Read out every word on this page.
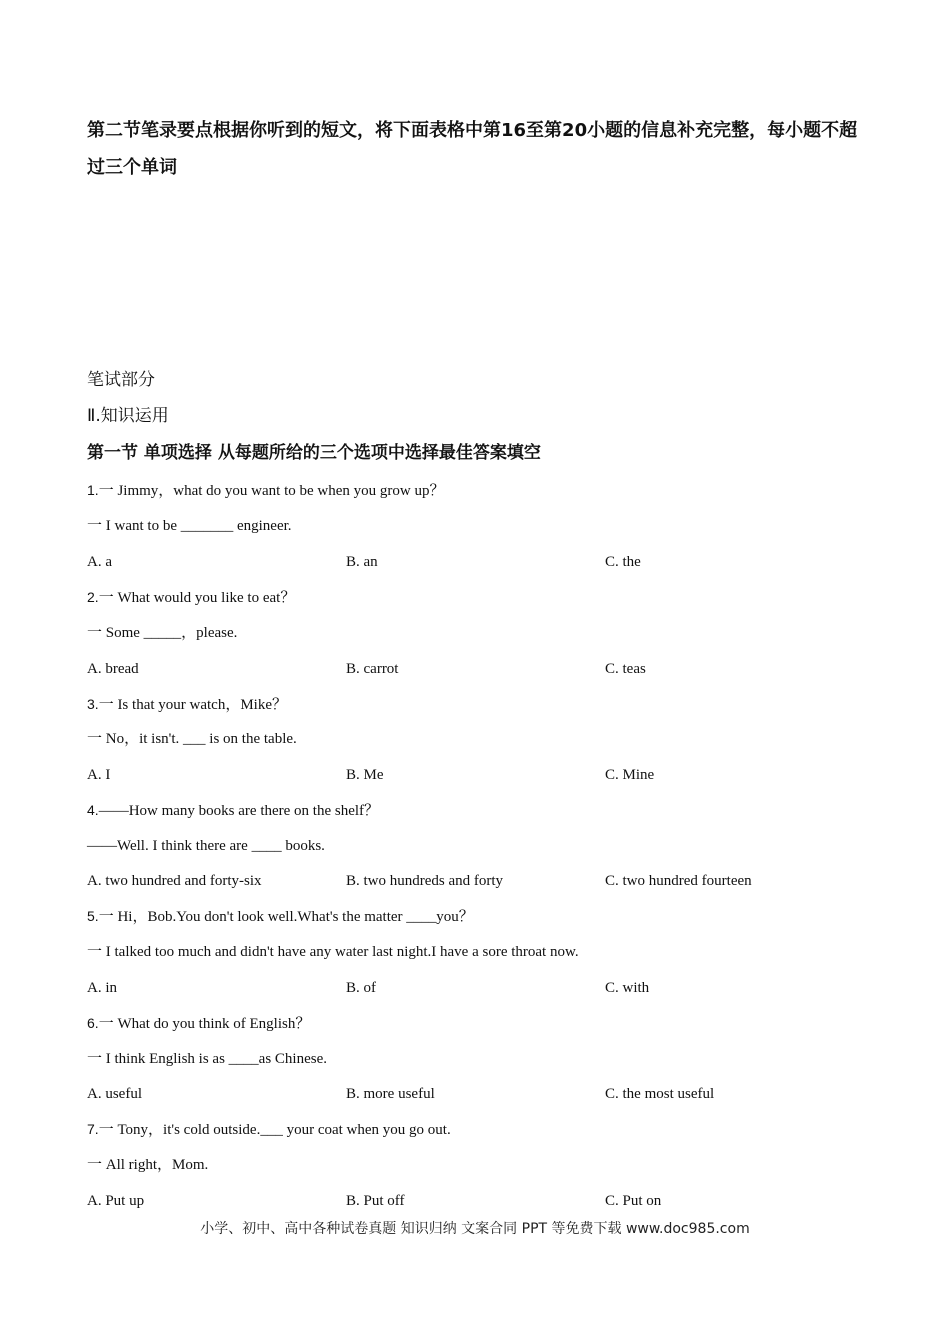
第二节笔录要点根据你听到的短文，将下面表格中第16至第20小题的信息补充完整，每小题不超过三个单词

笔试部分

Ⅱ.知识运用

第一节 单项选择 从每题所给的三个选项中选择最佳答案填空

1.一 Jimmy，what do you want to be when you grow up？

一 I want to be _______ engineer.

A. a	B. an	C. the

2.一 What would you like to eat？

一 Some _____，please.

A. bread	B. carrot	C. teas

3.一 Is that your watch，Mike？

一 No，it isn't. ___ is on the table.

A. I	B. Me	C. Mine

4.——How many books are there on the shelf？

——Well. I think there are ____ books.

A. two hundred and forty-six	B. two hundreds and forty	C. two hundred fourteen

5.一 Hi，Bob.You don't look well.What's the matter ____you？

一 I talked too much and didn't have any water last night.I have a sore throat now.

A. in	B. of	C. with

6.一 What do you think of English？

一 I think English is as ____as Chinese.

A. useful	B. more useful	C. the most useful

7.一 Tony，it's cold outside.___ your coat when you go out.

一 All right，Mom.

A. Put up	B. Put off	C. Put on
小学、初中、高中各种试卷真题 知识归纳 文案合同 PPT 等免费下载 www.doc985.com
